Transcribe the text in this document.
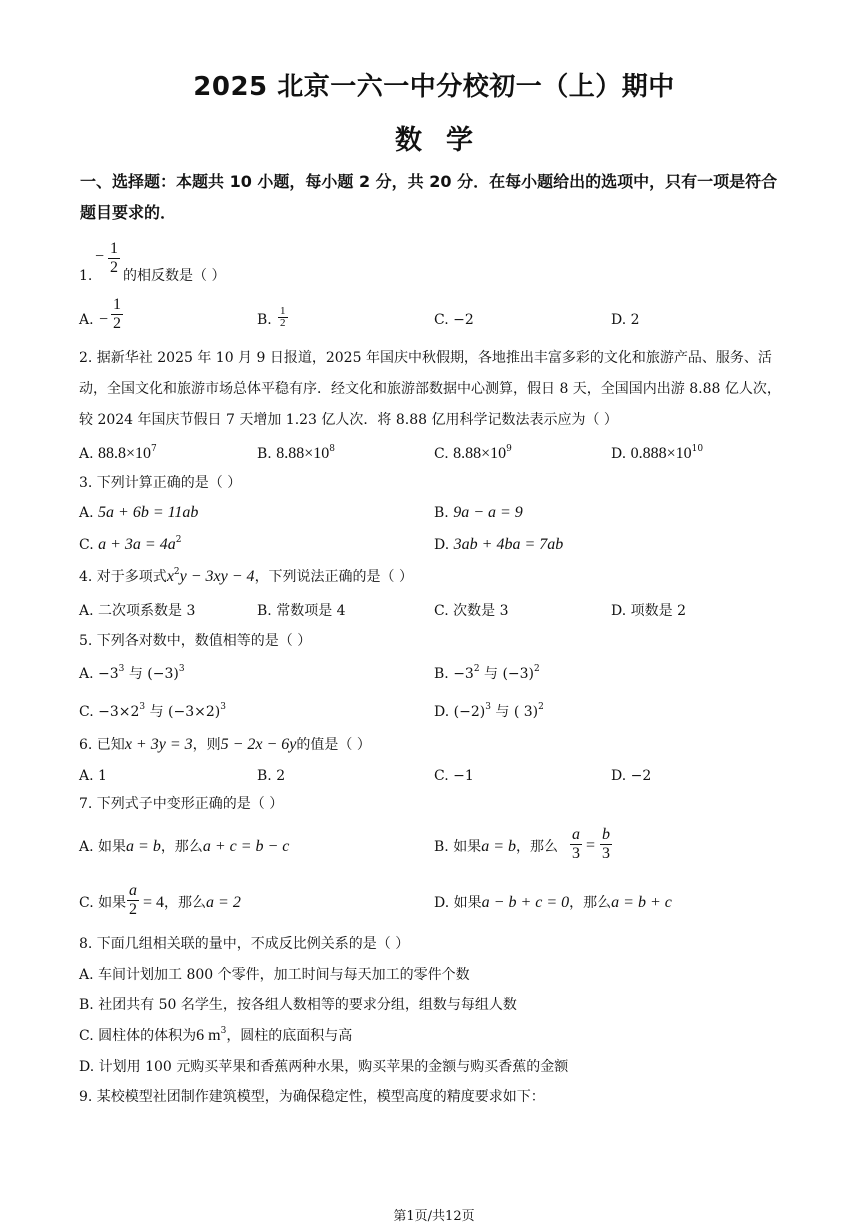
2025 北京一六一中分校初一（上）期中
数学
一、选择题：本题共 10 小题，每小题 2 分，共 20 分．在每小题给出的选项中，只有一项是符合题目要求的．
1.
− $\frac{1}{2}$ 的相反数是（ ）
A. − $\frac{1}{2}$	B. $\frac{1}{2}$	C. −2	D. 2
2. 据新华社 2025 年 10 月 9 日报道，2025 年国庆中秋假期，各地推出丰富多彩的文化和旅游产品、服务、活动，全国文化和旅游市场总体平稳有序．经文化和旅游部数据中心测算，假日 8 天，全国国内出游 8.88 亿人次，较 2024 年国庆节假日 7 天增加 1.23 亿人次．将 8.88 亿用科学记数法表示应为（ ）
A. $88.8\times 10^7$	B. $8.88\times 10^8$	C. $8.88\times 10^9$	D. $0.888\times 10^{10}$
3. 下列计算正确的是（ ）
A. 5a + 6b = 11ab	B. 9a − a = 9
C. $a + 3a = 4a^2$	D. 3ab + 4ba = 7ab
4. 对于多项式$x^2y - 3xy - 4$，下列说法正确的是（ ）
A. 二次项系数是 3	B. 常数项是 4	C. 次数是 3	D. 项数是 2
5. 下列各对数中，数值相等的是（ ）
A. $-3^3$ 与 $(-3)^3$	B. $-3^2$ 与 $(-3)^2$
C. $-3\times 2^3$ 与 $(-3\times 2)^3$	D. $(-2)^3$ 与 ( 3)$^2$
6. 已知x + 3y = 3，则5 − 2x − 6y的值是（ ）
A. 1	B. 2	C. −1	D. −2
7. 下列式子中变形正确的是（ ）
A. 如果a = b，那么a + c = b − c	B. 如果a = b，那么 $\frac{a}{3} = \frac{b}{3}$
C. 如果 $\frac{a}{2} = 4$，那么a = 2	D. 如果a − b + c = 0，那么a = b + c
8. 下面几组相关联的量中，不成反比例关系的是（ ）
A. 车间计划加工 800 个零件，加工时间与每天加工的零件个数
B. 社团共有 50 名学生，按各组人数相等的要求分组，组数与每组人数
C. 圆柱体的体积为6 $m^3$，圆柱的底面积与高
D. 计划用 100 元购买苹果和香蕉两种水果，购买苹果的金额与购买香蕉的金额
9. 某校模型社团制作建筑模型，为确保稳定性，模型高度的精度要求如下：
第1页/共12页
